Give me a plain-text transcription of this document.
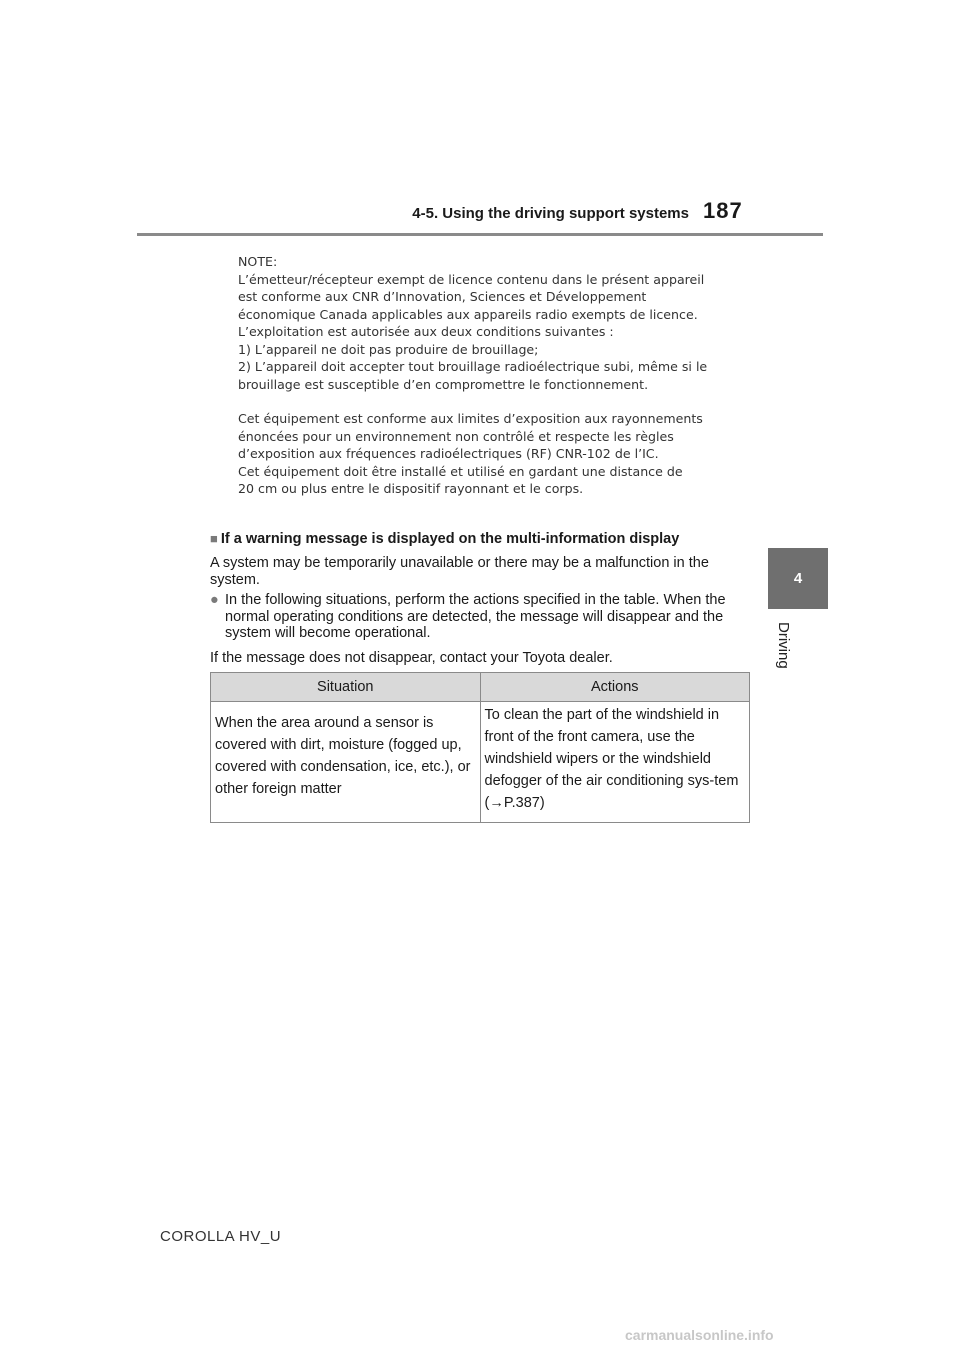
4-5. Using the driving support systems 187
4
Driving

NOTE:

L’émetteur/récepteur exempt de licence contenu dans le présent appareil

est conforme aux CNR d’Innovation, Sciences et Développement

économique Canada applicables aux appareils radio exempts de licence.

L’exploitation est autorisée aux deux conditions suivantes :

1) L’appareil ne doit pas produire de brouillage;

2) L’appareil doit accepter tout brouillage radioélectrique subi, même si le

brouillage est susceptible d’en compromettre le fonctionnement.

Cet équipement est conforme aux limites d’exposition aux rayonnements

énoncées pour un environnement non contrôlé et respecte les règles

d’exposition aux fréquences radioélectriques (RF) CNR-102 de l’IC.

Cet équipement doit être installé et utilisé en gardant une distance de

20 cm ou plus entre le dispositif rayonnant et le corps.

■ If a warning message is displayed on the multi-information display
A system may be temporarily unavailable or there may be a malfunction in the system.
● In the following situations, perform the actions specified in the table. When the normal operating conditions are detected, the message will disappear and the system will become operational.
If the message does not disappear, contact your Toyota dealer.
Situation	Actions
When the area around a sensor is covered with dirt, moisture (fogged up, covered with condensation, ice, etc.), or other foreign matter	To clean the part of the windshield in front of the front camera, use the windshield wipers or the windshield defogger of the air conditioning sys-tem (→P.387)
COROLLA HV_U
carmanualsonline.info
